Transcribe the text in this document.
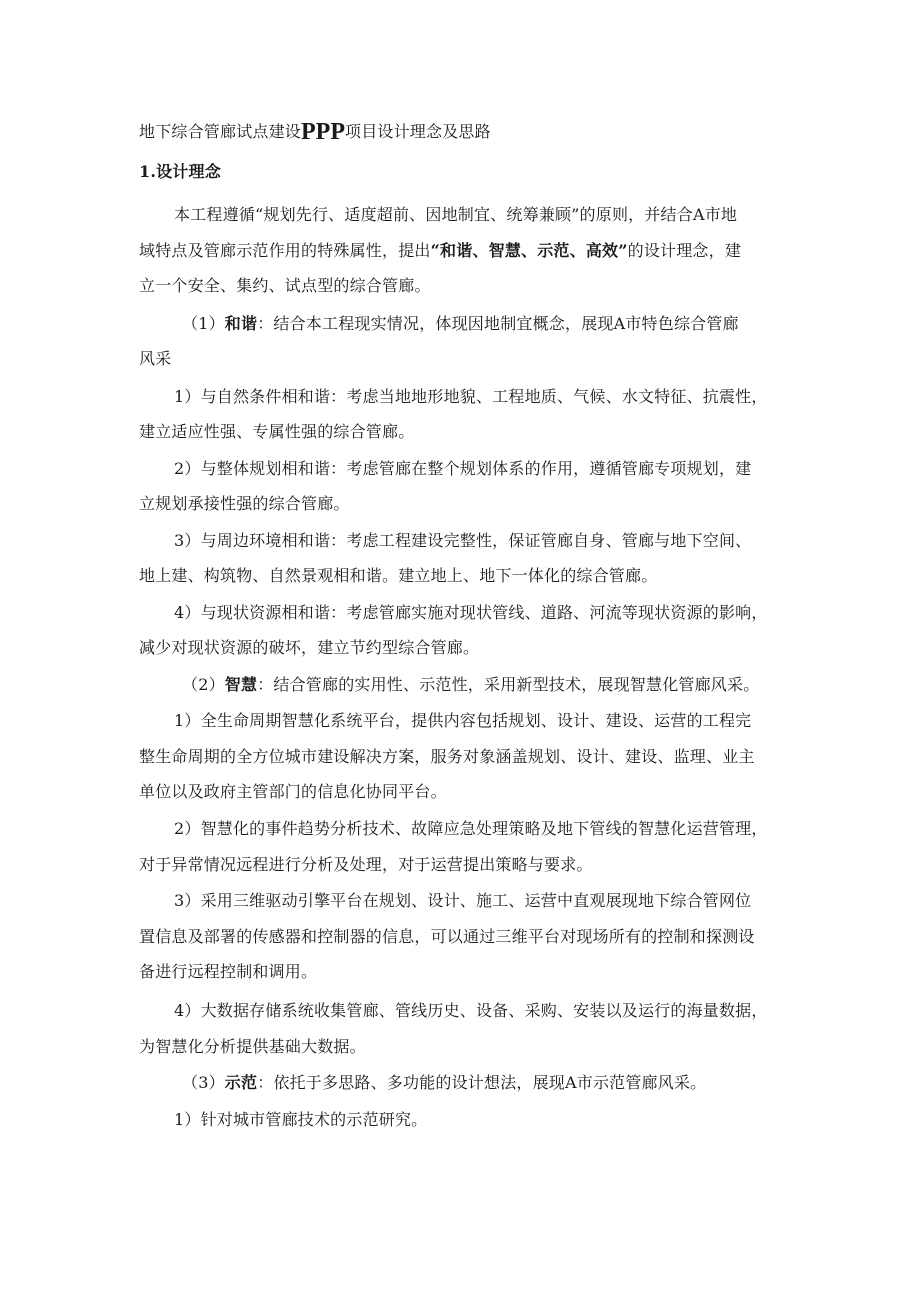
地下综合管廊试点建设PPP项目设计理念及思路
1.设计理念
本工程遵循“规划先行、适度超前、因地制宜、统筹兼顾”的原则，并结合A市地
域特点及管廊示范作用的特殊属性，提出“和谐、智慧、示范、高效”的设计理念，建
立一个安全、集约、试点型的综合管廊。
（1）和谐：结合本工程现实情况，体现因地制宜概念，展现A市特色综合管廊
风采
1）与自然条件相和谐：考虑当地地形地貌、工程地质、气候、水文特征、抗震性，
建立适应性强、专属性强的综合管廊。
2）与整体规划相和谐：考虑管廊在整个规划体系的作用，遵循管廊专项规划，建
立规划承接性强的综合管廊。
3）与周边环境相和谐：考虑工程建设完整性，保证管廊自身、管廊与地下空间、
地上建、构筑物、自然景观相和谐。建立地上、地下一体化的综合管廊。
4）与现状资源相和谐：考虑管廊实施对现状管线、道路、河流等现状资源的影响，
减少对现状资源的破坏，建立节约型综合管廊。
（2）智慧：结合管廊的实用性、示范性，采用新型技术，展现智慧化管廊风采。
1）全生命周期智慧化系统平台，提供内容包括规划、设计、建设、运营的工程完
整生命周期的全方位城市建设解决方案，服务对象涵盖规划、设计、建设、监理、业主
单位以及政府主管部门的信息化协同平台。
2）智慧化的事件趋势分析技术、故障应急处理策略及地下管线的智慧化运营管理，
对于异常情况远程进行分析及处理，对于运营提出策略与要求。
3）采用三维驱动引擎平台在规划、设计、施工、运营中直观展现地下综合管网位
置信息及部署的传感器和控制器的信息，可以通过三维平台对现场所有的控制和探测设
备进行远程控制和调用。
4）大数据存储系统收集管廊、管线历史、设备、采购、安装以及运行的海量数据，
为智慧化分析提供基础大数据。
（3）示范：依托于多思路、多功能的设计想法，展现A市示范管廊风采。
1）针对城市管廊技术的示范研究。
